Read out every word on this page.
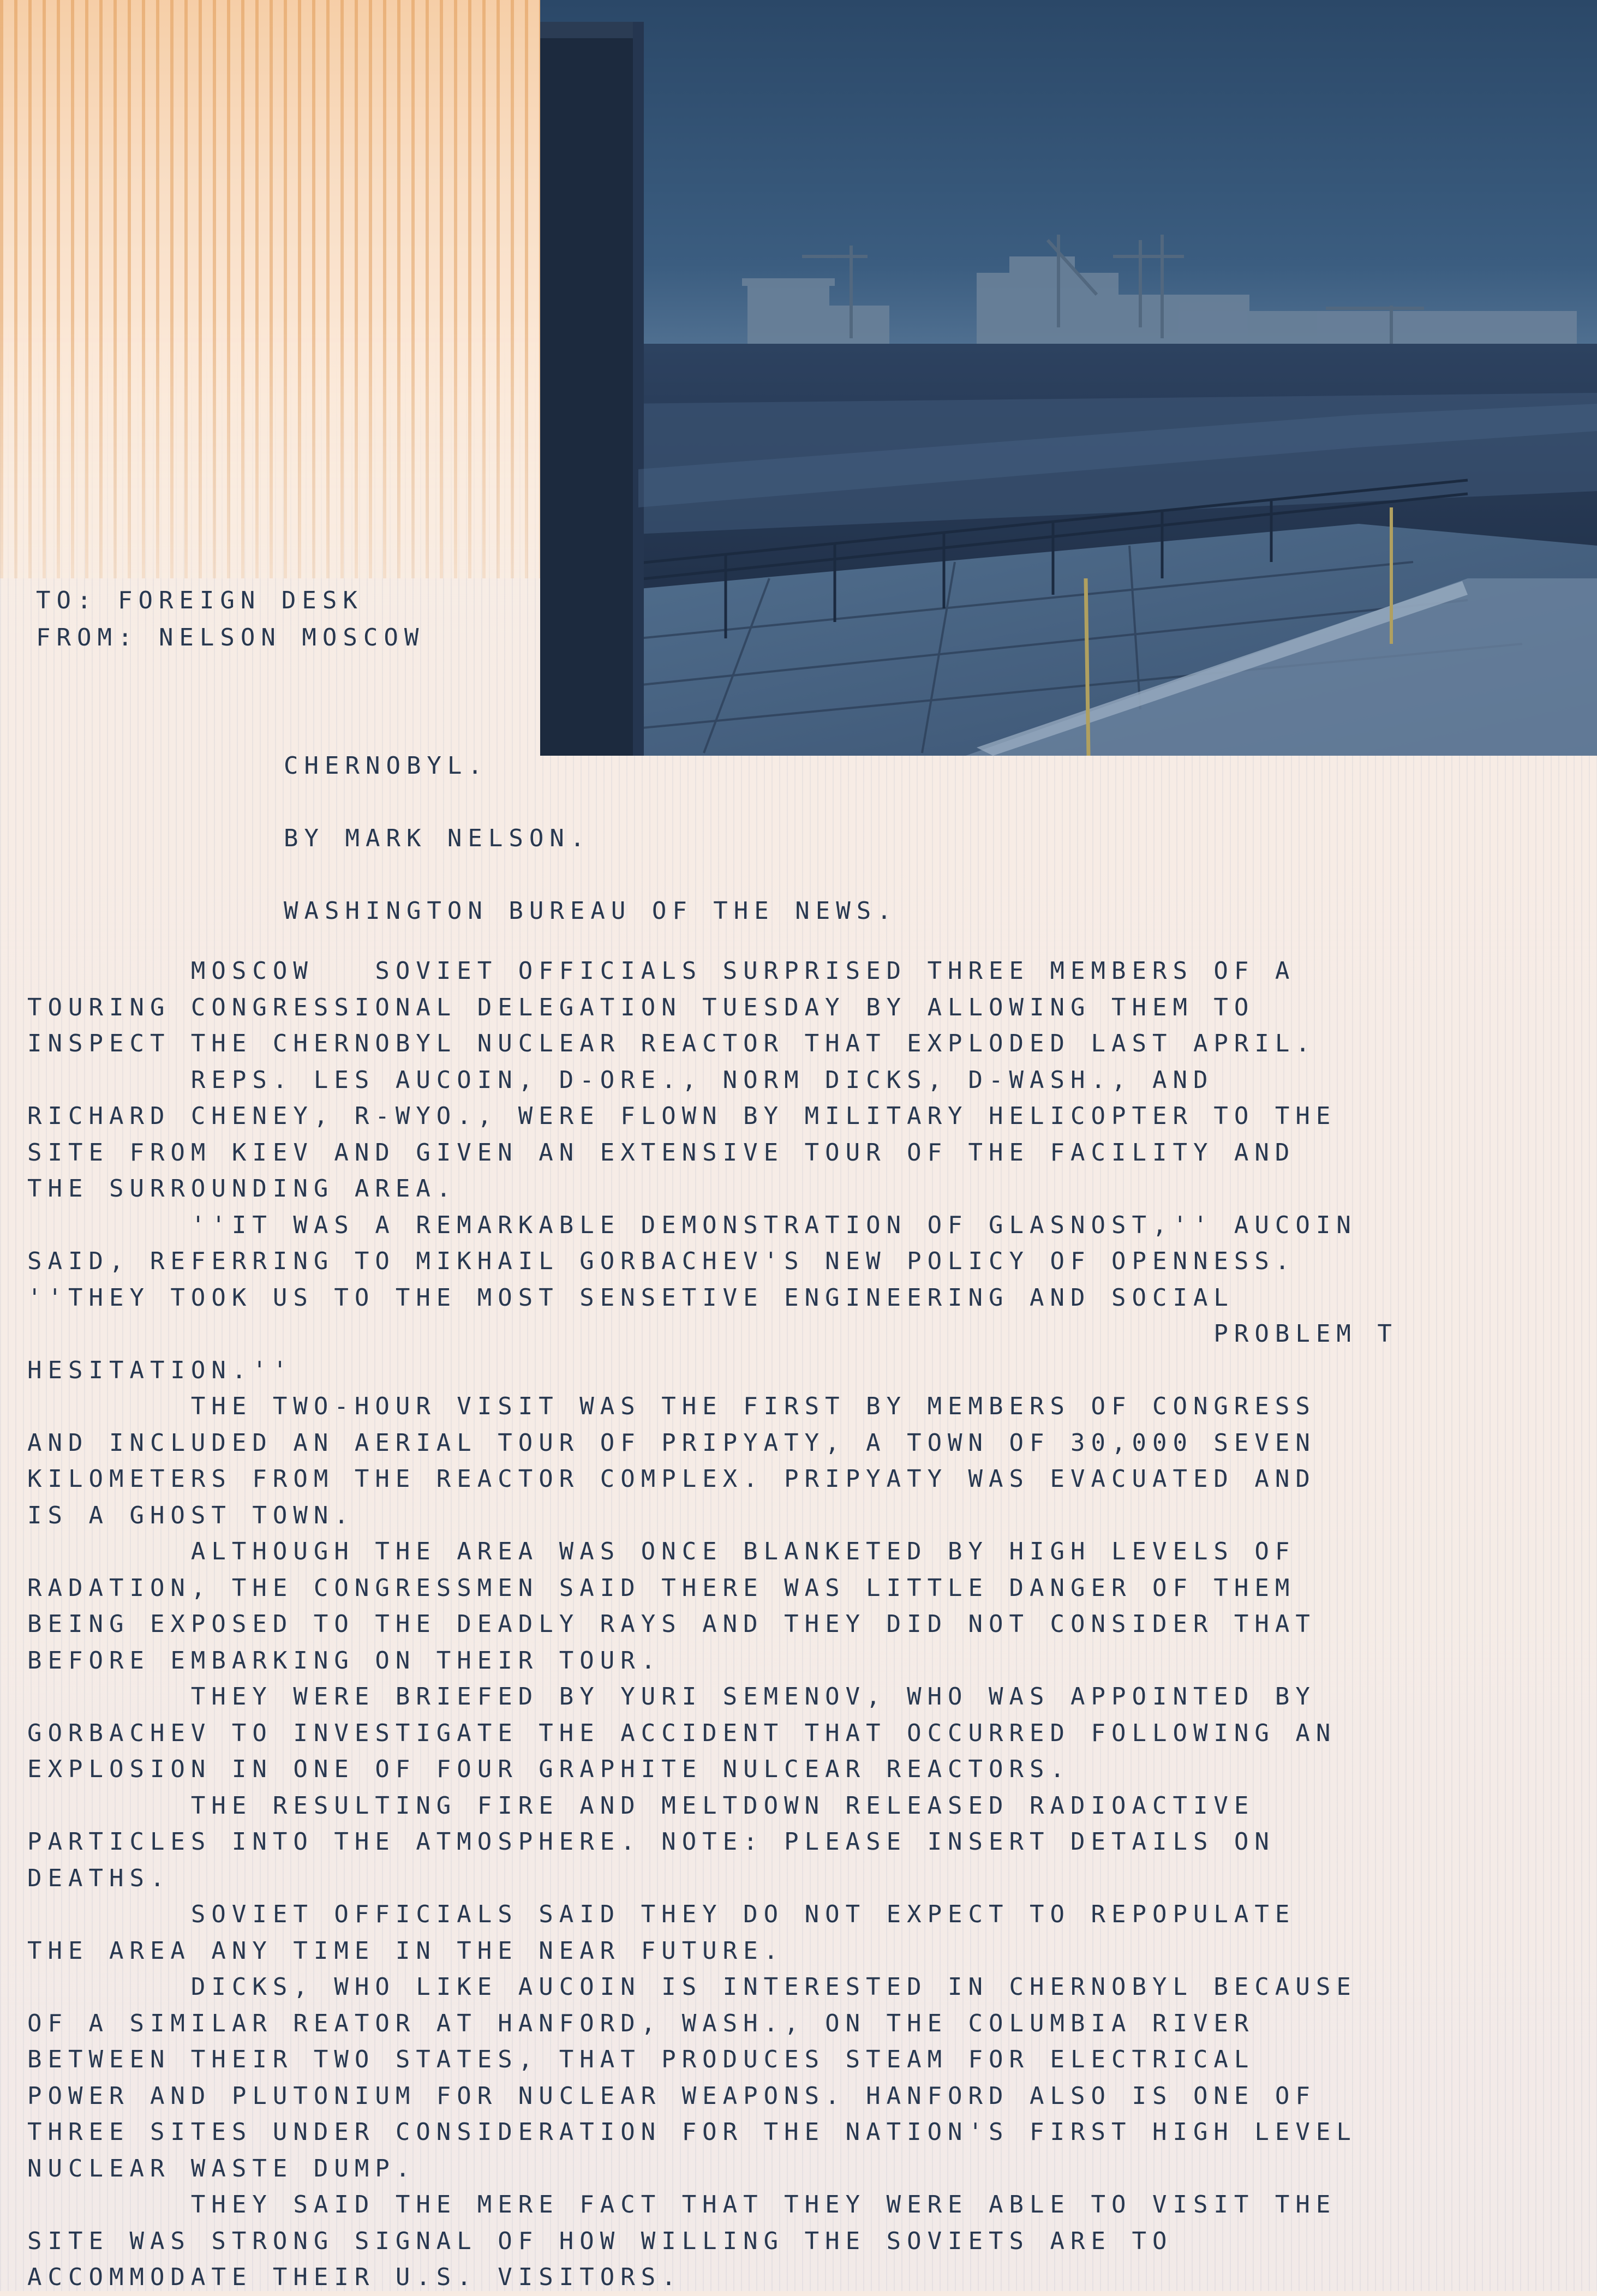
TO: FOREIGN DESK
FROM: NELSON MOSCOW
CHERNOBYL.
BY MARK NELSON.
WASHINGTON BUREAU OF THE NEWS.
MOSCOW   SOVIET OFFICIALS SURPRISED THREE MEMBERS OF A
TOURING CONGRESSIONAL DELEGATION TUESDAY BY ALLOWING THEM TO
INSPECT THE CHERNOBYL NUCLEAR REACTOR THAT EXPLODED LAST APRIL.
REPS. LES AUCOIN, D-ORE., NORM DICKS, D-WASH., AND
RICHARD CHENEY, R-WYO., WERE FLOWN BY MILITARY HELICOPTER TO THE
SITE FROM KIEV AND GIVEN AN EXTENSIVE TOUR OF THE FACILITY AND
THE SURROUNDING AREA.
''IT WAS A REMARKABLE DEMONSTRATION OF GLASNOST,'' AUCOIN
SAID, REFERRING TO MIKHAIL GORBACHEV'S NEW POLICY OF OPENNESS.
''THEY TOOK US TO THE MOST SENSETIVE ENGINEERING AND SOCIAL
PROBLEM T
HESITATION.''
THE TWO-HOUR VISIT WAS THE FIRST BY MEMBERS OF CONGRESS
AND INCLUDED AN AERIAL TOUR OF PRIPYATY, A TOWN OF 30,000 SEVEN
KILOMETERS FROM THE REACTOR COMPLEX. PRIPYATY WAS EVACUATED AND
IS A GHOST TOWN.
ALTHOUGH THE AREA WAS ONCE BLANKETED BY HIGH LEVELS OF
RADATION, THE CONGRESSMEN SAID THERE WAS LITTLE DANGER OF THEM
BEING EXPOSED TO THE DEADLY RAYS AND THEY DID NOT CONSIDER THAT
BEFORE EMBARKING ON THEIR TOUR.
THEY WERE BRIEFED BY YURI SEMENOV, WHO WAS APPOINTED BY
GORBACHEV TO INVESTIGATE THE ACCIDENT THAT OCCURRED FOLLOWING AN
EXPLOSION IN ONE OF FOUR GRAPHITE NULCEAR REACTORS.
THE RESULTING FIRE AND MELTDOWN RELEASED RADIOACTIVE
PARTICLES INTO THE ATMOSPHERE. NOTE: PLEASE INSERT DETAILS ON
DEATHS.
SOVIET OFFICIALS SAID THEY DO NOT EXPECT TO REPOPULATE
THE AREA ANY TIME IN THE NEAR FUTURE.
DICKS, WHO LIKE AUCOIN IS INTERESTED IN CHERNOBYL BECAUSE
OF A SIMILAR REATOR AT HANFORD, WASH., ON THE COLUMBIA RIVER
BETWEEN THEIR TWO STATES, THAT PRODUCES STEAM FOR ELECTRICAL
POWER AND PLUTONIUM FOR NUCLEAR WEAPONS. HANFORD ALSO IS ONE OF
THREE SITES UNDER CONSIDERATION FOR THE NATION'S FIRST HIGH LEVEL
NUCLEAR WASTE DUMP.
THEY SAID THE MERE FACT THAT THEY WERE ABLE TO VISIT THE
SITE WAS STRONG SIGNAL OF HOW WILLING THE SOVIETS ARE TO
ACCOMMODATE THEIR U.S. VISITORS.
